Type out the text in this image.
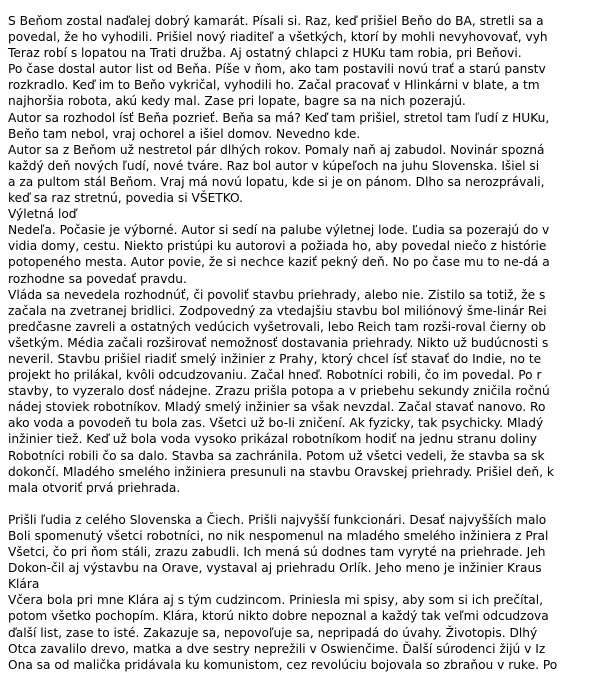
S Beňom zostal naďalej dobrý kamarát. Písali si. Raz, keď prišiel Beňo do BA, stretli sa a
povedal, že ho vyhodili. Prišiel nový riaditeľ a všetkých, ktorí by mohli nevyhovovať, vyh
Teraz robí s lopatou na Trati družba. Aj ostatný chlapci z HUKu tam robia, pri Beňovi.
Po čase dostal autor list od Beňa. Píše v ňom, ako tam postavili novú trať a starú panstv
rozkradlo. Keď im to Beňo vykričal, vyhodili ho. Začal pracovať v Hlinkárni v blate, a tm
najhoršia robota, akú kedy mal. Zase pri lopate, bagre sa na nich pozerajú.
Autor sa rozhodol ísť Beňa pozrieť. Beňa sa má? Keď tam prišiel, stretol tam ľudí z HUKu,
Beňo tam nebol, vraj ochorel a išiel domov. Nevedno kde.
Autor sa z Beňom už nestretol pár dlhých rokov. Pomaly naň aj zabudol. Novinár spozná
každý deň nových ľudí, nové tváre. Raz bol autor v kúpeľoch na juhu Slovenska. Išiel si
a za pultom stál Beňom. Vraj má novú lopatu, kde si je on pánom. Dlho sa nerozprávali,
keď sa raz stretnú, povedia si VŠETKO.
Výletná loď
Nedeľa. Počasie je výborné. Autor si sedí na palube výletnej lode. Ľudia sa pozerajú do v
vidia domy, cestu. Niekto pristúpi ku autorovi a požiada ho, aby povedal niečo z histórie
potopeného mesta. Autor povie, že si nechce kaziť pekný deň. No po čase mu to ne-dá a
rozhodne sa povedať pravdu.
Vláda sa nevedela rozhodnúť, či povoliť stavbu priehrady, alebo nie. Zistilo sa totiž, že s
začala na zvetranej bridlici. Zodpovedný za vtedajšiu stavbu bol miliónový šme-linár Rei
predčasne zavreli a ostatných vedúcich vyšetrovali, lebo Reich tam rozši-roval čierny ob
všetkým. Média začali rozširovať nemožnosť dostavania priehrady. Nikto už budúcnosti s
neveril. Stavbu prišiel riadiť smelý inžinier z Prahy, ktorý chcel ísť stavať do Indie, no te
projekt ho prilákal, kvôli odcudzovaniu. Začal hneď. Robotníci robili, čo im povedal. Po r
stavby, to vyzeralo dosť nádejne. Zrazu prišla potopa a v priebehu sekundy zničila ročnú
nádej stoviek robotníkov. Mladý smelý inžinier sa však nevzdal. Začal stavať nanovo. Ro
ako voda a povodeň tu bola zas. Všetci už bo-li zničení. Ak fyzicky, tak psychicky. Mladý
inžinier tiež. Keď už bola voda vysoko prikázal robotníkom hodiť na jednu stranu doliny
Robotníci robili čo sa dalo. Stavba sa zachránila. Potom už všetci vedeli, že stavba sa sk
dokončí. Mladého smelého inžiniera presunuli na stavbu Oravskej priehrady. Prišiel deň, k
mala otvoriť prvá priehrada.
Prišli ľudia z celého Slovenska a Čiech. Prišli najvyšší funkcionári. Desať najvyšších malo
Boli spomenutý všetci robotníci, no nik nespomenul na mladého smelého inžiniera z Pral
Všetci, čo pri ňom stáli, zrazu zabudli. Ich mená sú dodnes tam vyryté na priehrade. Jeh
Dokon-čil aj výstavbu na Orave, vystaval aj priehradu Orlík. Jeho meno je inžinier Kraus
Klára
Včera bola pri mne Klára aj s tým cudzincom. Priniesla mi spisy, aby som si ich prečítal,
potom všetko pochopím. Klára, ktorú nikto dobre nepoznal a každý tak veľmi odcudzova
ďalší list, zase to isté. Zakazuje sa, nepovoľuje sa, nepripadá do úvahy. Životopis. Dlhý
Otca zavalilo drevo, matka a dve sestry neprežili v Oswienčime. Ďalší súrodenci žijú v Iz
Ona sa od malička pridávala ku komunistom, cez revolúciu bojovala so zbraňou v ruke. Po
